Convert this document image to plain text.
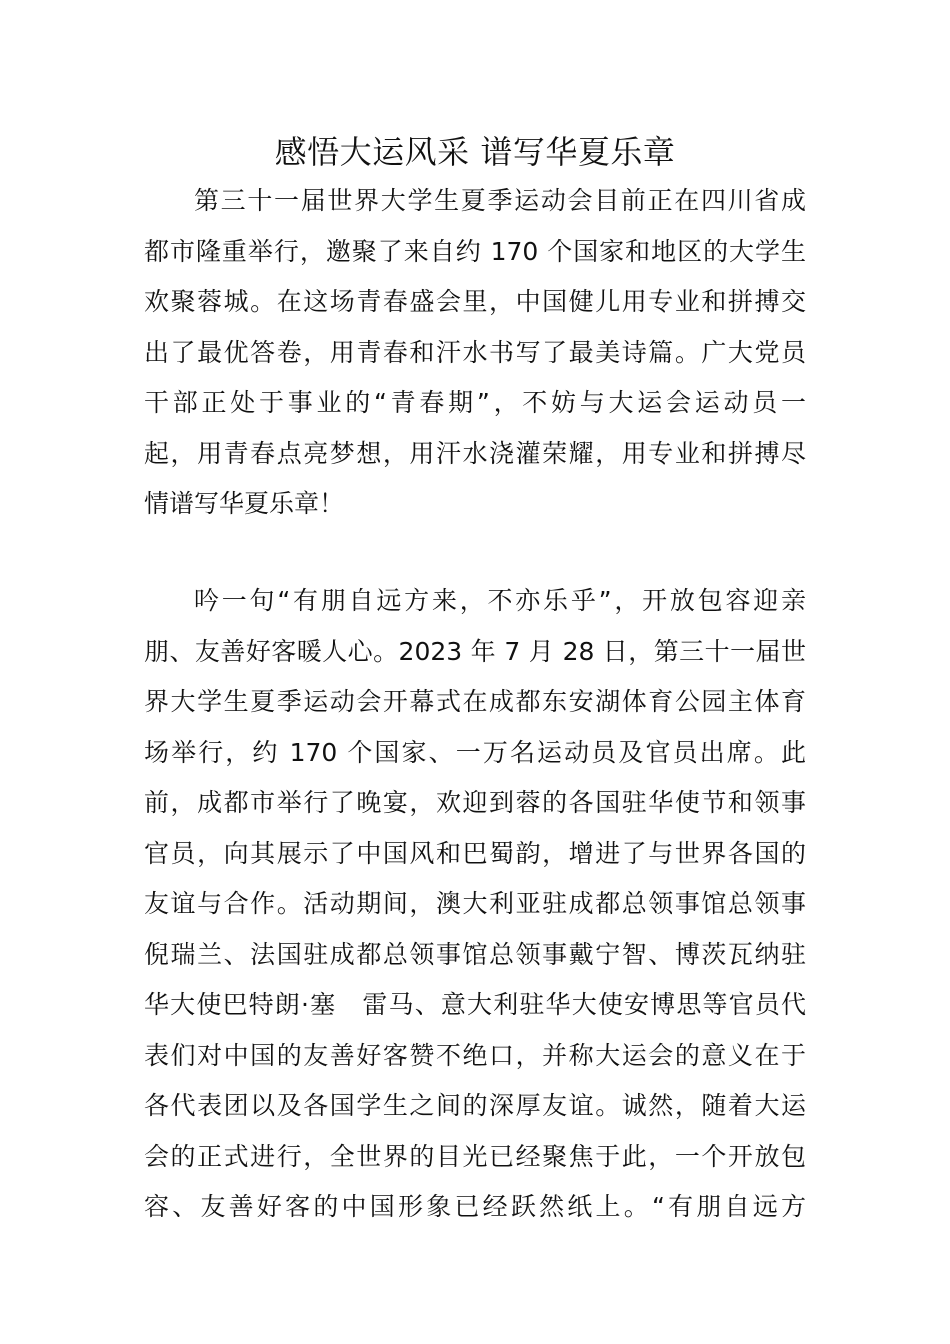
感悟大运风采 谱写华夏乐章
第三十一届世界大学生夏季运动会目前正在四川省成
都市隆重举行，邀聚了来自约 170 个国家和地区的大学生
欢聚蓉城。在这场青春盛会里，中国健儿用专业和拼搏交
出了最优答卷，用青春和汗水书写了最美诗篇。广大党员
干部正处于事业的“青春期”，不妨与大运会运动员一
起，用青春点亮梦想，用汗水浇灌荣耀，用专业和拼搏尽
情谱写华夏乐章！
吟一句“有朋自远方来，不亦乐乎”，开放包容迎亲
朋、友善好客暖人心。2023 年 7 月 28 日，第三十一届世
界大学生夏季运动会开幕式在成都东安湖体育公园主体育
场举行，约 170 个国家、一万名运动员及官员出席。此
前，成都市举行了晚宴，欢迎到蓉的各国驻华使节和领事
官员，向其展示了中国风和巴蜀韵，增进了与世界各国的
友谊与合作。活动期间，澳大利亚驻成都总领事馆总领事
倪瑞兰、法国驻成都总领事馆总领事戴宁智、博茨瓦纳驻
华大使巴特朗·塞　雷马、意大利驻华大使安博思等官员代
表们对中国的友善好客赞不绝口，并称大运会的意义在于
各代表团以及各国学生之间的深厚友谊。诚然，随着大运
会的正式进行，全世界的目光已经聚焦于此，一个开放包
容、友善好客的中国形象已经跃然纸上。“有朋自远方
